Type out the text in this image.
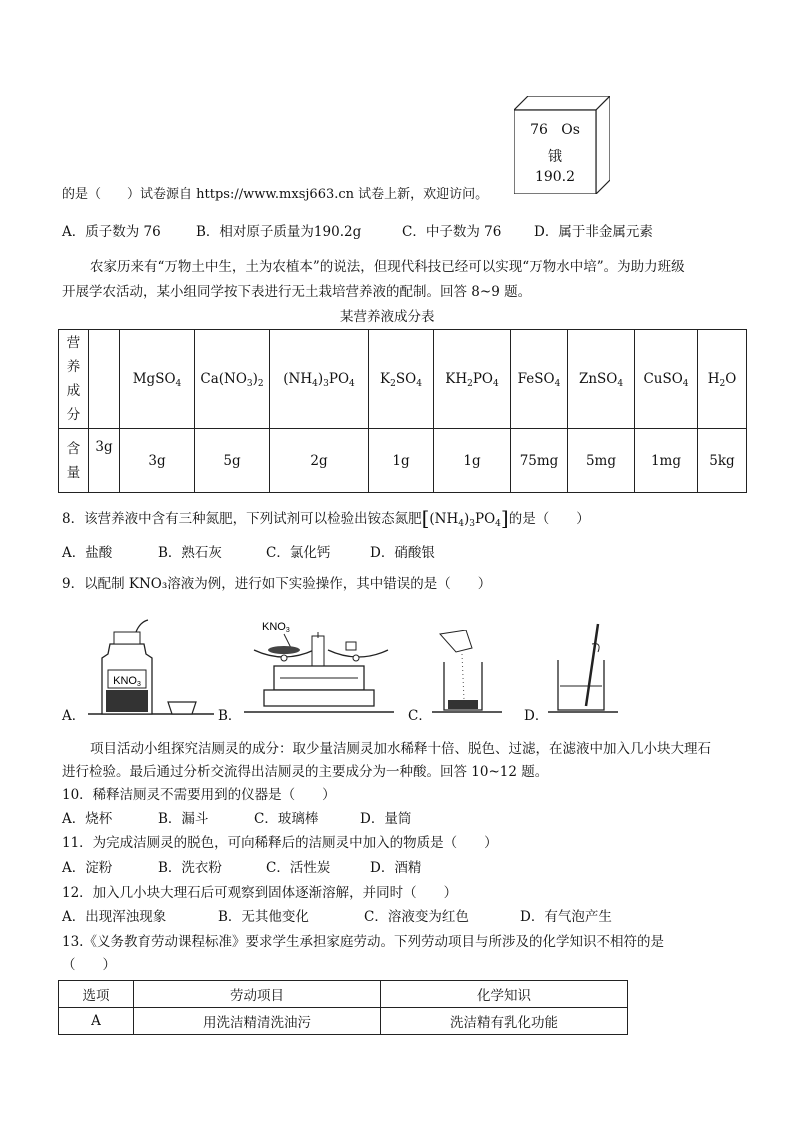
76 Os
锇
190.2
的是（　　）试卷源自 https://www.mxsj663.cn 试卷上新，欢迎访问。
A．质子数为 76	B．相对原子质量为190.2g	C．中子数为 76 D．属于非金属元素
农家历来有“万物土中生，土为农植本”的说法，但现代科技已经可以实现“万物水中培”。为助力班级
开展学农活动，某小组同学按下表进行无土栽培营养液的配制。回答 8~9 题。
某营养液成分表
营养成分		MgSO$_4$	$Ca(NO_3)_2$	$(NH_4)_3PO_4$	$K_2SO_4$	$KH_2PO_4$	FeSO$_4$	ZnSO$_4$	CuSO$_4$	$H_2O$

含量	3g	3g	5g	2g	1g	1g	75mg	5mg	1mg	5kg
8．该营养液中含有三种氮肥，下列试剂可以检验出铵态氮肥$[(NH_4)_3PO_4]$的是（　　）
A．盐酸	B．熟石灰	C．氯化钙	D．硝酸银
9．以配制 KNO₃溶液为例，进行如下实验操作，其中错误的是（　　）
A．
KNO3
B．
KNO3
C．	D．
项目活动小组探究洁厕灵的成分：取少量洁厕灵加水稀释十倍、脱色、过滤，在滤液中加入几小块大理石
进行检验。最后通过分析交流得出洁厕灵的主要成分为一种酸。回答 10~12 题。
10．稀释洁厕灵不需要用到的仪器是（　　）
A．烧杯	B．漏斗	C．玻璃棒	D．量筒
11．为完成洁厕灵的脱色，可向稀释后的洁厕灵中加入的物质是（　　）
A．淀粉	B．洗衣粉	C．活性炭	D．酒精
12．加入几小块大理石后可观察到固体逐渐溶解，并同时（　　）
A．出现浑浊现象	B．无其他变化	C．溶液变为红色	D．有气泡产生
13.《义务教育劳动课程标准》要求学生承担家庭劳动。下列劳动项目与所涉及的化学知识不相符的是
（　　）
选项	劳动项目	化学知识
A	用洗洁精清洗油污	洗洁精有乳化功能
